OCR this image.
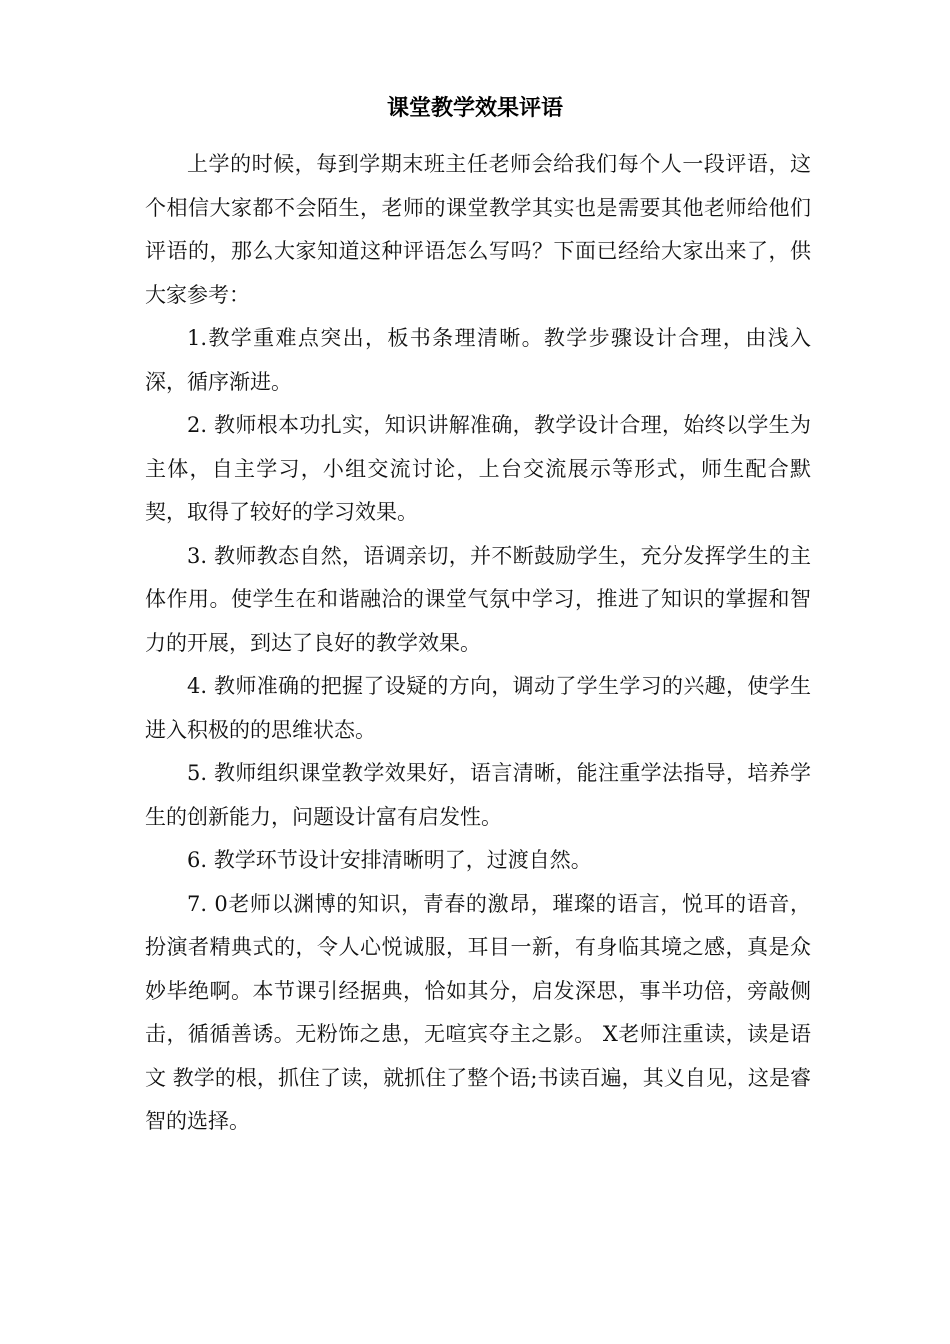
课堂教学效果评语

上学的时候，每到学期末班主任老师会给我们每个人一段评语，这个相信大家都不会陌生，老师的课堂教学其实也是需要其他老师给他们评语的，那么大家知道这种评语怎么写吗？下面已经给大家出来了，供大家参考：

1.教学重难点突出，板书条理清晰。教学步骤设计合理，由浅入深，循序渐进。

2. 教师根本功扎实，知识讲解准确，教学设计合理，始终以学生为主体，自主学习，小组交流讨论，上台交流展示等形式，师生配合默契，取得了较好的学习效果。

3. 教师教态自然，语调亲切，并不断鼓励学生，充分发挥学生的主体作用。使学生在和谐融洽的课堂气氛中学习，推进了知识的掌握和智力的开展，到达了良好的教学效果。

4. 教师准确的把握了设疑的方向，调动了学生学习的兴趣，使学生进入积极的的思维状态。

5. 教师组织课堂教学效果好，语言清晰，能注重学法指导，培养学生的创新能力，问题设计富有启发性。

6. 教学环节设计安排清晰明了，过渡自然。

7. 0老师以渊博的知识，青春的激昂，璀璨的语言，悦耳的语音，扮演者精典式的，令人心悦诚服，耳目一新，有身临其境之感，真是众妙毕绝啊。本节课引经据典，恰如其分，启发深思，事半功倍，旁敲侧击，循循善诱。无粉饰之患，无喧宾夺主之影。 X老师注重读，读是语文 教学的根，抓住了读，就抓住了整个语;书读百遍，其义自见，这是睿智的选择。
